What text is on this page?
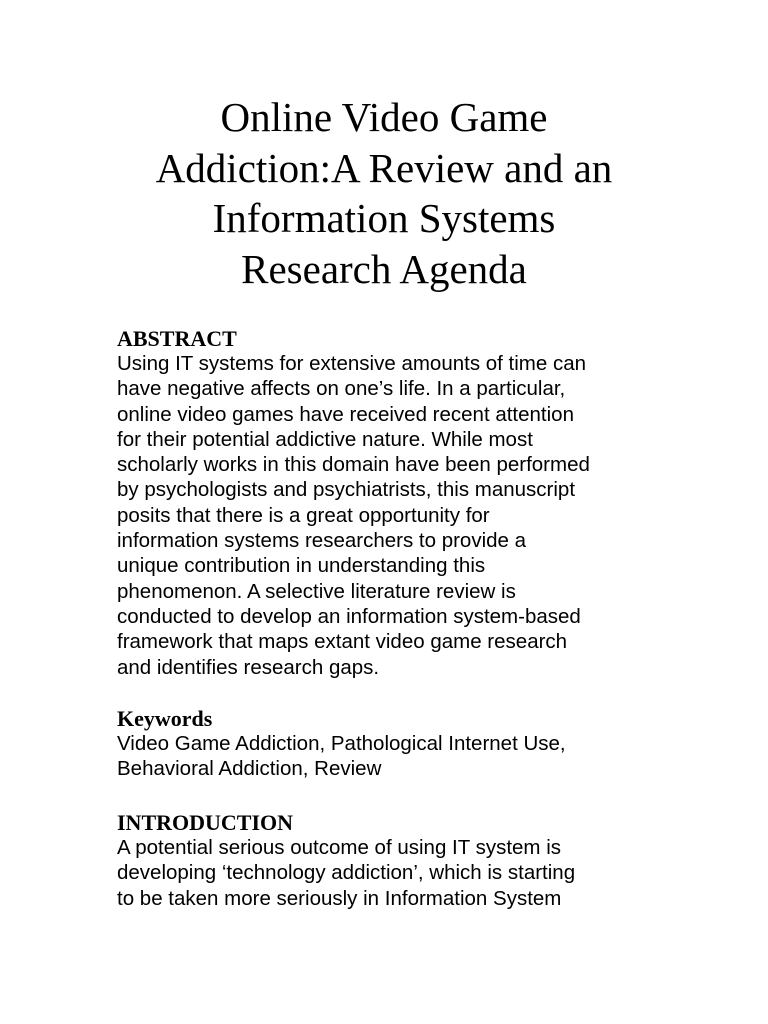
Online Video Game
Addiction:A Review and an
Information Systems
Research Agenda
ABSTRACT

Using IT systems for extensive amounts of time can
have negative affects on one’s life. In a particular,
online video games have received recent attention
for their potential addictive nature. While most
scholarly works in this domain have been performed
by psychologists and psychiatrists, this manuscript
posits that there is a great opportunity for
information systems researchers to provide a
unique contribution in understanding this
phenomenon. A selective literature review is
conducted to develop an information system-based
framework that maps extant video game research
and identifies research gaps.

Keywords

Video Game Addiction, Pathological Internet Use,
Behavioral Addiction, Review

INTRODUCTION

A potential serious outcome of using IT system is
developing ‘technology addiction’, which is starting
to be taken more seriously in Information System
